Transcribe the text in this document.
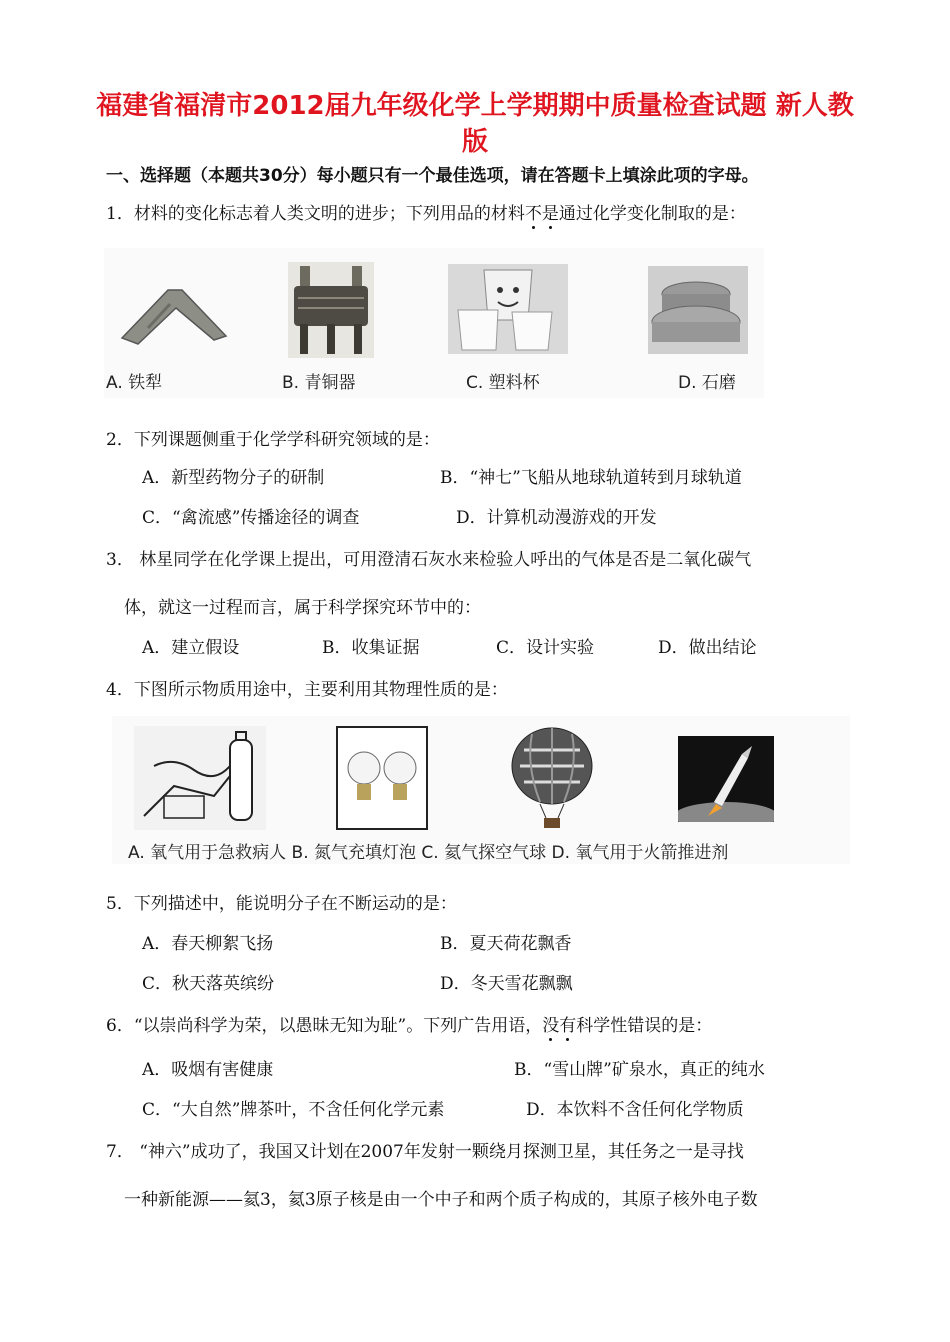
福建省福清市2012届九年级化学上学期期中质量检查试题 新人教
版
一、选择题（本题共30分）每小题只有一个最佳选项，请在答题卡上填涂此项的字母。
1．材料的变化标志着人类文明的进步；下列用品的材料不是通过化学变化制取的是：
A. 铁犁	B. 青铜器	C. 塑料杯	D. 石磨
2．下列课题侧重于化学学科研究领域的是：
A．新型药物分子的研制	B．“神七”飞船从地球轨道转到月球轨道
C．“禽流感”传播途径的调查	D．计算机动漫游戏的开发
3． 林星同学在化学课上提出，可用澄清石灰水来检验人呼出的气体是否是二氧化碳气
体，就这一过程而言，属于科学探究环节中的：
A．建立假设	B．收集证据	C．设计实验	D．做出结论
4．下图所示物质用途中，主要利用其物理性质的是：
A. 氧气用于急救病人 B. 氮气充填灯泡 C. 氦气探空气球 D. 氧气用于火箭推进剂
5．下列描述中，能说明分子在不断运动的是：
A．春天柳絮飞扬	B．夏天荷花飘香
C．秋天落英缤纷	D．冬天雪花飘飘
6．“以崇尚科学为荣，以愚昧无知为耻”。下列广告用语，没有科学性错误的是：
A．吸烟有害健康	B．“雪山牌”矿泉水，真正的纯水
C．“大自然”牌茶叶，不含任何化学元素	D．本饮料不含任何化学物质
7． “神六”成功了，我国又计划在2007年发射一颗绕月探测卫星，其任务之一是寻找
一种新能源——氦3，氦3原子核是由一个中子和两个质子构成的，其原子核外电子数
